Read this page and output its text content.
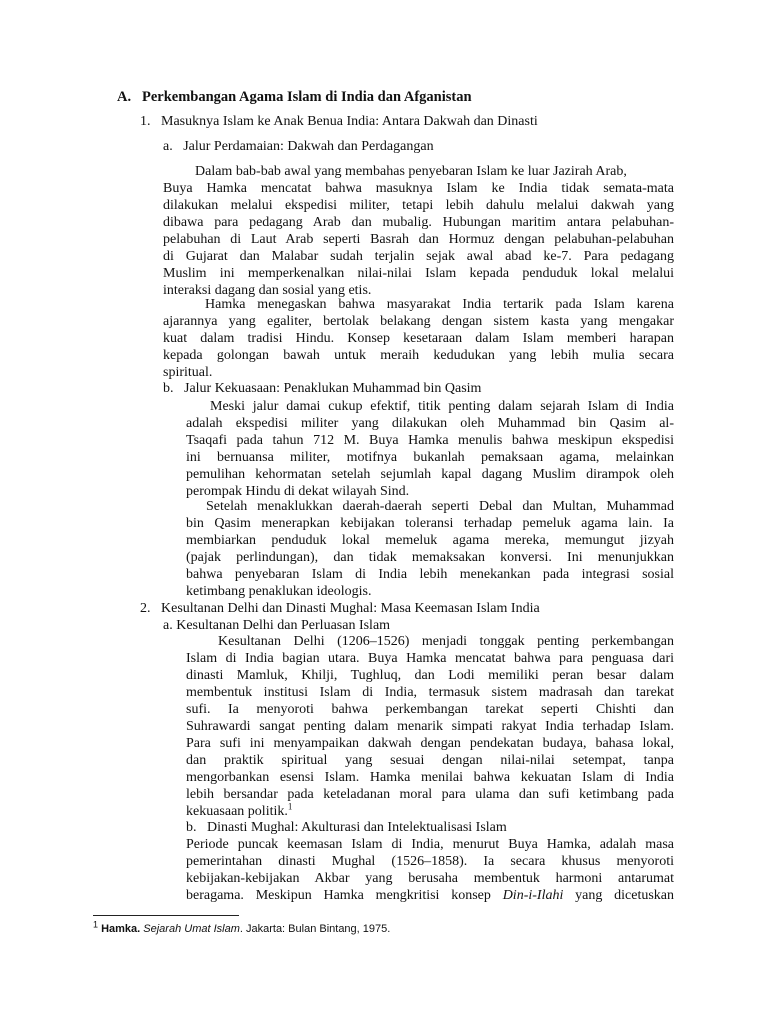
A. Perkembangan Agama Islam di India dan Afganistan
1. Masuknya Islam ke Anak Benua India: Antara Dakwah dan Dinasti
a. Jalur Perdamaian: Dakwah dan Perdagangan
Dalam bab-bab awal yang membahas penyebaran Islam ke luar Jazirah Arab,
Buya Hamka mencatat bahwa masuknya Islam ke India tidak semata-mata
dilakukan melalui ekspedisi militer, tetapi lebih dahulu melalui dakwah yang
dibawa para pedagang Arab dan mubalig. Hubungan maritim antara pelabuhan-
pelabuhan di Laut Arab seperti Basrah dan Hormuz dengan pelabuhan-pelabuhan
di Gujarat dan Malabar sudah terjalin sejak awal abad ke-7. Para pedagang
Muslim ini memperkenalkan nilai-nilai Islam kepada penduduk lokal melalui
interaksi dagang dan sosial yang etis.
Hamka menegaskan bahwa masyarakat India tertarik pada Islam karena
ajarannya yang egaliter, bertolak belakang dengan sistem kasta yang mengakar
kuat dalam tradisi Hindu. Konsep kesetaraan dalam Islam memberi harapan
kepada golongan bawah untuk meraih kedudukan yang lebih mulia secara
spiritual.
b. Jalur Kekuasaan: Penaklukan Muhammad bin Qasim
Meski jalur damai cukup efektif, titik penting dalam sejarah Islam di India
adalah ekspedisi militer yang dilakukan oleh Muhammad bin Qasim al-
Tsaqafi pada tahun 712 M. Buya Hamka menulis bahwa meskipun ekspedisi
ini bernuansa militer, motifnya bukanlah pemaksaan agama, melainkan
pemulihan kehormatan setelah sejumlah kapal dagang Muslim dirampok oleh
perompak Hindu di dekat wilayah Sind.
Setelah menaklukkan daerah-daerah seperti Debal dan Multan, Muhammad
bin Qasim menerapkan kebijakan toleransi terhadap pemeluk agama lain. Ia
membiarkan penduduk lokal memeluk agama mereka, memungut jizyah
(pajak perlindungan), dan tidak memaksakan konversi. Ini menunjukkan
bahwa penyebaran Islam di India lebih menekankan pada integrasi sosial
ketimbang penaklukan ideologis.
2. Kesultanan Delhi dan Dinasti Mughal: Masa Keemasan Islam India
a. Kesultanan Delhi dan Perluasan Islam
Kesultanan Delhi (1206–1526) menjadi tonggak penting perkembangan
Islam di India bagian utara. Buya Hamka mencatat bahwa para penguasa dari
dinasti Mamluk, Khilji, Tughluq, dan Lodi memiliki peran besar dalam
membentuk institusi Islam di India, termasuk sistem madrasah dan tarekat
sufi. Ia menyoroti bahwa perkembangan tarekat seperti Chishti dan
Suhrawardi sangat penting dalam menarik simpati rakyat India terhadap Islam.
Para sufi ini menyampaikan dakwah dengan pendekatan budaya, bahasa lokal,
dan praktik spiritual yang sesuai dengan nilai-nilai setempat, tanpa
mengorbankan esensi Islam. Hamka menilai bahwa kekuatan Islam di India
lebih bersandar pada keteladanan moral para ulama dan sufi ketimbang pada
kekuasaan politik.$^1$
b. Dinasti Mughal: Akulturasi dan Intelektualisasi Islam
Periode puncak keemasan Islam di India, menurut Buya Hamka, adalah masa
pemerintahan dinasti Mughal (1526–1858). Ia secara khusus menyoroti
kebijakan-kebijakan Akbar yang berusaha membentuk harmoni antarumat
beragama. Meskipun Hamka mengkritisi konsep Din-i-Ilahi yang dicetuskan
$^1$ Hamka. Sejarah Umat Islam. Jakarta: Bulan Bintang, 1975.
